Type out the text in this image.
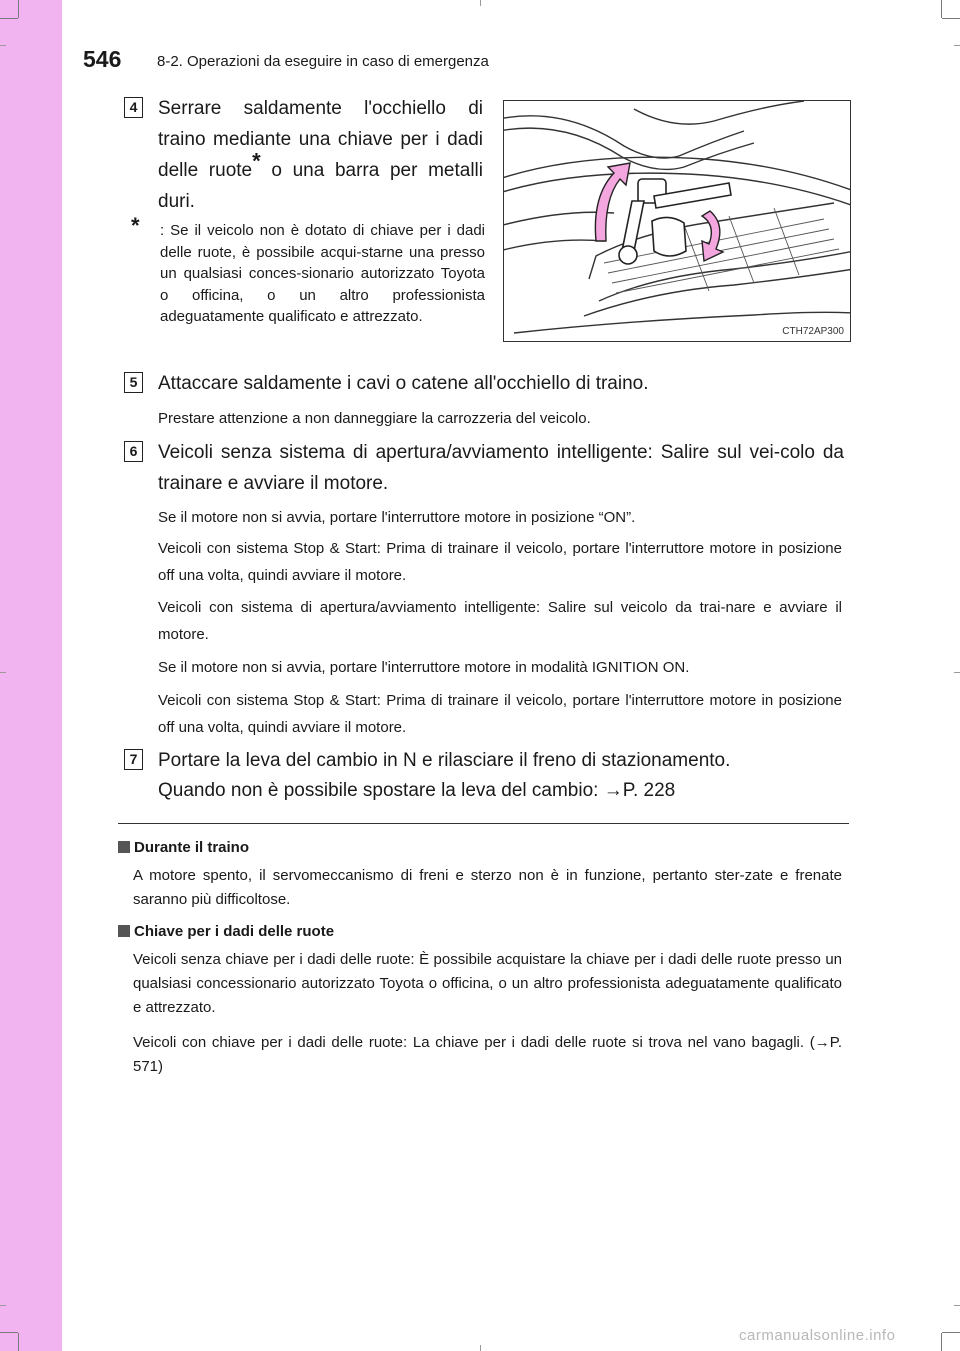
546 8-2. Operazioni da eseguire in caso di emergenza
4 Serrare saldamente l'occhiello di traino mediante una chiave per i dadi delle ruote* o una barra per metalli duri.
* : Se il veicolo non è dotato di chiave per i dadi delle ruote, è possibile acqui-starne una presso un qualsiasi conces-sionario autorizzato Toyota o officina, o un altro professionista adeguatamente qualificato e attrezzato.
CTH72AP300
5 Attaccare saldamente i cavi o catene all'occhiello di traino.
Prestare attenzione a non danneggiare la carrozzeria del veicolo.
6 Veicoli senza sistema di apertura/avviamento intelligente: Salire sul vei-colo da trainare e avviare il motore.
Se il motore non si avvia, portare l'interruttore motore in posizione “ON”.
Veicoli con sistema Stop & Start: Prima di trainare il veicolo, portare l'interruttore motore in posizione off una volta, quindi avviare il motore.
Veicoli con sistema di apertura/avviamento intelligente: Salire sul veicolo da trai-nare e avviare il motore.
Se il motore non si avvia, portare l'interruttore motore in modalità IGNITION ON.
Veicoli con sistema Stop & Start: Prima di trainare il veicolo, portare l'interruttore motore in posizione off una volta, quindi avviare il motore.
7 Portare la leva del cambio in N e rilasciare il freno di stazionamento.
Quando non è possibile spostare la leva del cambio: →P. 228
Durante il traino
A motore spento, il servomeccanismo di freni e sterzo non è in funzione, pertanto ster-zate e frenate saranno più difficoltose.
Chiave per i dadi delle ruote
Veicoli senza chiave per i dadi delle ruote: È possibile acquistare la chiave per i dadi delle ruote presso un qualsiasi concessionario autorizzato Toyota o officina, o un altro professionista adeguatamente qualificato e attrezzato.
Veicoli con chiave per i dadi delle ruote: La chiave per i dadi delle ruote si trova nel vano bagagli. (→P. 571)
carmanualsonline.info
